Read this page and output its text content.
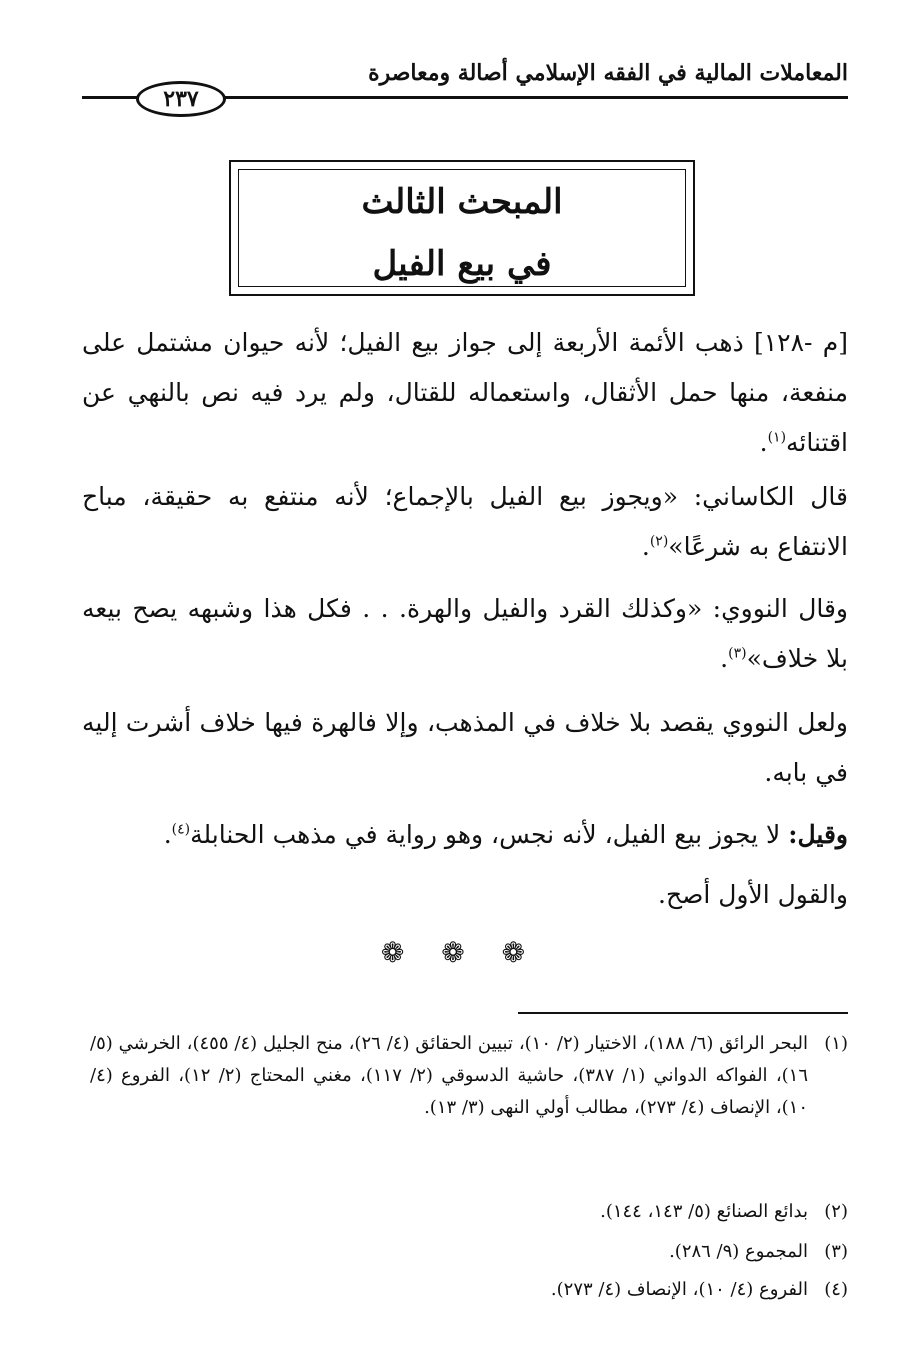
المعاملات المالية في الفقه الإسلامي أصالة ومعاصرة
٢٣٧
المبحث الثالث
في بيع الفيل
[م -١٢٨] ذهب الأئمة الأربعة إلى جواز بيع الفيل؛ لأنه حيوان مشتمل على منفعة، منها حمل الأثقال، واستعماله للقتال، ولم يرد فيه نص بالنهي عن اقتنائه$^{(١)}$.
قال الكاساني: «ويجوز بيع الفيل بالإجماع؛ لأنه منتفع به حقيقة، مباح الانتفاع به شرعًا»$^{(٢)}$.
وقال النووي: «وكذلك القرد والفيل والهرة. . . فكل هذا وشبهه يصح بيعه بلا خلاف»$^{(٣)}$.
ولعل النووي يقصد بلا خلاف في المذهب، وإلا فالهرة فيها خلاف أشرت إليه في بابه.
وقيل: لا يجوز بيع الفيل، لأنه نجس، وهو رواية في مذهب الحنابلة$^{(٤)}$.
والقول الأول أصح.
❁ ❁ ❁
(١)البحر الرائق (٦/ ١٨٨)، الاختيار (٢/ ١٠)، تبيين الحقائق (٤/ ٢٦)، منح الجليل (٤/ ٤٥٥)، الخرشي (٥/ ١٦)، الفواكه الدواني (١/ ٣٨٧)، حاشية الدسوقي (٢/ ١١٧)، مغني المحتاج (٢/ ١٢)، الفروع (٤/ ١٠)، الإنصاف (٤/ ٢٧٣)، مطالب أولي النهى (٣/ ١٣).
(٢)بدائع الصنائع (٥/ ١٤٣، ١٤٤).
(٣)المجموع (٩/ ٢٨٦).
(٤)الفروع (٤/ ١٠)، الإنصاف (٤/ ٢٧٣).
